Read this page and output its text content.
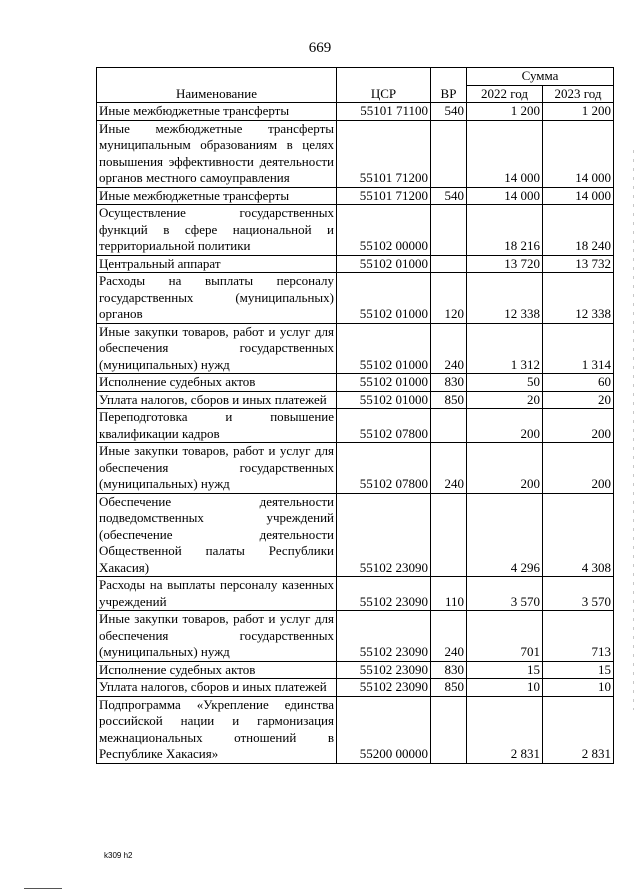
669
Наименование	ЦСР	ВР	Сумма	
			2022 год	2023 год
Иные межбюджетные трансферты	55101 71100	540	1 200	1 200
Иные межбюджетные трансферты муниципальным образованиям в целях повышения эффективности деятельности органов местного самоуправления	55101 71200		14 000	14 000
Иные межбюджетные трансферты	55101 71200	540	14 000	14 000
Осуществление государственных функций в сфере национальной и территориальной политики	55102 00000		18 216	18 240
Центральный аппарат	55102 01000		13 720	13 732
Расходы на выплаты персоналу государственных (муниципальных) органов	55102 01000	120	12 338	12 338
Иные закупки товаров, работ и услуг для обеспечения государственных (муниципальных) нужд	55102 01000	240	1 312	1 314
Исполнение судебных актов	55102 01000	830	50	60
Уплата налогов, сборов и иных платежей	55102 01000	850	20	20
Переподготовка и повышение квалификации кадров	55102 07800		200	200
Иные закупки товаров, работ и услуг для обеспечения государственных (муниципальных) нужд	55102 07800	240	200	200
Обеспечение деятельности подведомственных учреждений (обеспечение деятельности Общественной палаты Республики Хакасия)	55102 23090		4 296	4 308
Расходы на выплаты персоналу казенных учреждений	55102 23090	110	3 570	3 570
Иные закупки товаров, работ и услуг для обеспечения государственных (муниципальных) нужд	55102 23090	240	701	713
Исполнение судебных актов	55102 23090	830	15	15
Уплата налогов, сборов и иных платежей	55102 23090	850	10	10
Подпрограмма «Укрепление единства российской нации и гармонизация межнациональных отношений в Республике Хакасия»	55200 00000		2 831	2 831
k309 h2
